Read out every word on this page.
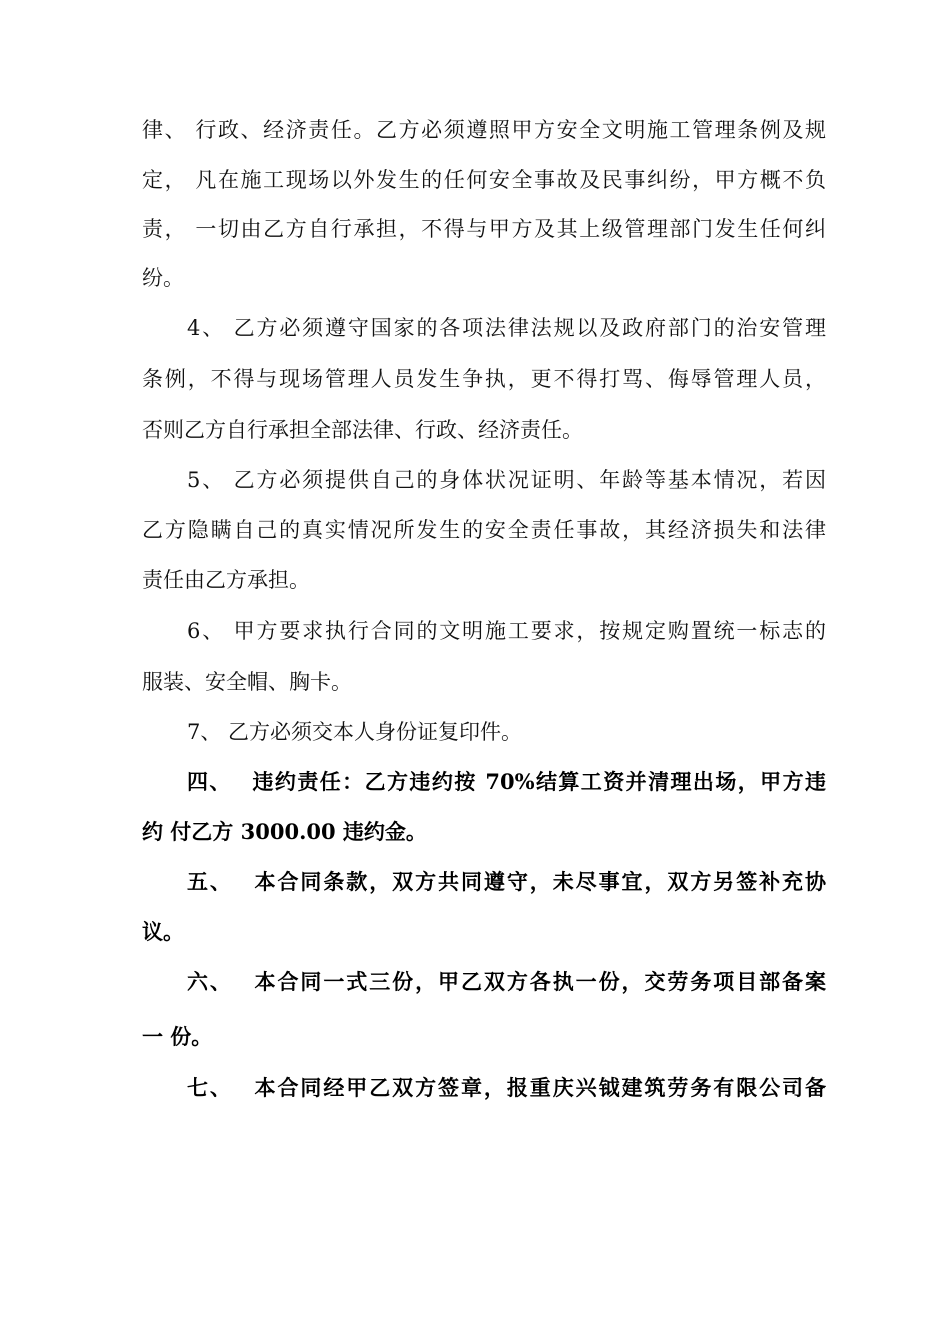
律、 行政、经济责任。乙方必须遵照甲方安全文明施工管理条例及规
定， 凡在施工现场以外发生的任何安全事故及民事纠纷，甲方概不负
责， 一切由乙方自行承担，不得与甲方及其上级管理部门发生任何纠
纷。
4、 乙方必须遵守国家的各项法律法规以及政府部门的治安管理
条例，不得与现场管理人员发生争执，更不得打骂、侮辱管理人员，
否则乙方自行承担全部法律、行政、经济责任。
5、 乙方必须提供自己的身体状况证明、年龄等基本情况，若因
乙方隐瞒自己的真实情况所发生的安全责任事故，其经济损失和法律
责任由乙方承担。
6、 甲方要求执行合同的文明施工要求，按规定购置统一标志的
服装、安全帽、胸卡。
7、 乙方必须交本人身份证复印件。
四、　 违约责任：乙方违约按 70%结算工资并清理出场，甲方违
约 付乙方 3000.00 违约金。
五、　 本合同条款，双方共同遵守，未尽事宜，双方另签补充协
议。
六、　 本合同一式三份，甲乙双方各执一份，交劳务项目部备案
一 份。
七、　 本合同经甲乙双方签章，报重庆兴钺建筑劳务有限公司备
